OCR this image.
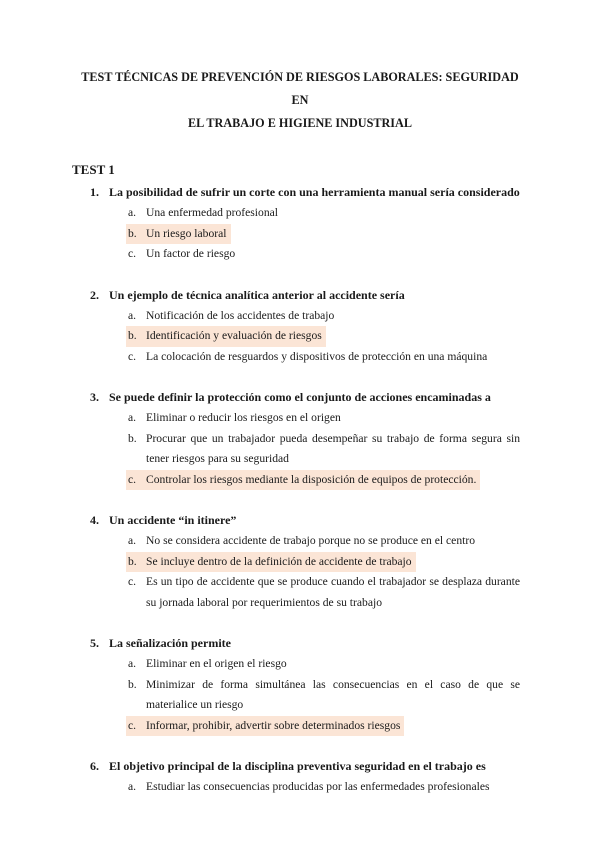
TEST TÉCNICAS DE PREVENCIÓN DE RIESGOS LABORALES: SEGURIDAD EN
EL TRABAJO E HIGIENE INDUSTRIAL

TEST 1
1. La posibilidad de sufrir un corte con una herramienta manual sería considerado
a. Una enfermedad profesional
b. Un riesgo laboral
c. Un factor de riesgo
2. Un ejemplo de técnica analítica anterior al accidente sería
a. Notificación de los accidentes de trabajo
b. Identificación y evaluación de riesgos
c. La colocación de resguardos y dispositivos de protección en una máquina
3. Se puede definir la protección como el conjunto de acciones encaminadas a
a. Eliminar o reducir los riesgos en el origen
b. Procurar que un trabajador pueda desempeñar su trabajo de forma segura sin tener riesgos para su seguridad
c. Controlar los riesgos mediante la disposición de equipos de protección.
4. Un accidente “in itinere”
a. No se considera accidente de trabajo porque no se produce en el centro
b. Se incluye dentro de la definición de accidente de trabajo
c. Es un tipo de accidente que se produce cuando el trabajador se desplaza durante su jornada laboral por requerimientos de su trabajo
5. La señalización permite
a. Eliminar en el origen el riesgo
b. Minimizar de forma simultánea las consecuencias en el caso de que se materialice un riesgo
c. Informar, prohibir, advertir sobre determinados riesgos
6. El objetivo principal de la disciplina preventiva seguridad en el trabajo es
a. Estudiar las consecuencias producidas por las enfermedades profesionales
